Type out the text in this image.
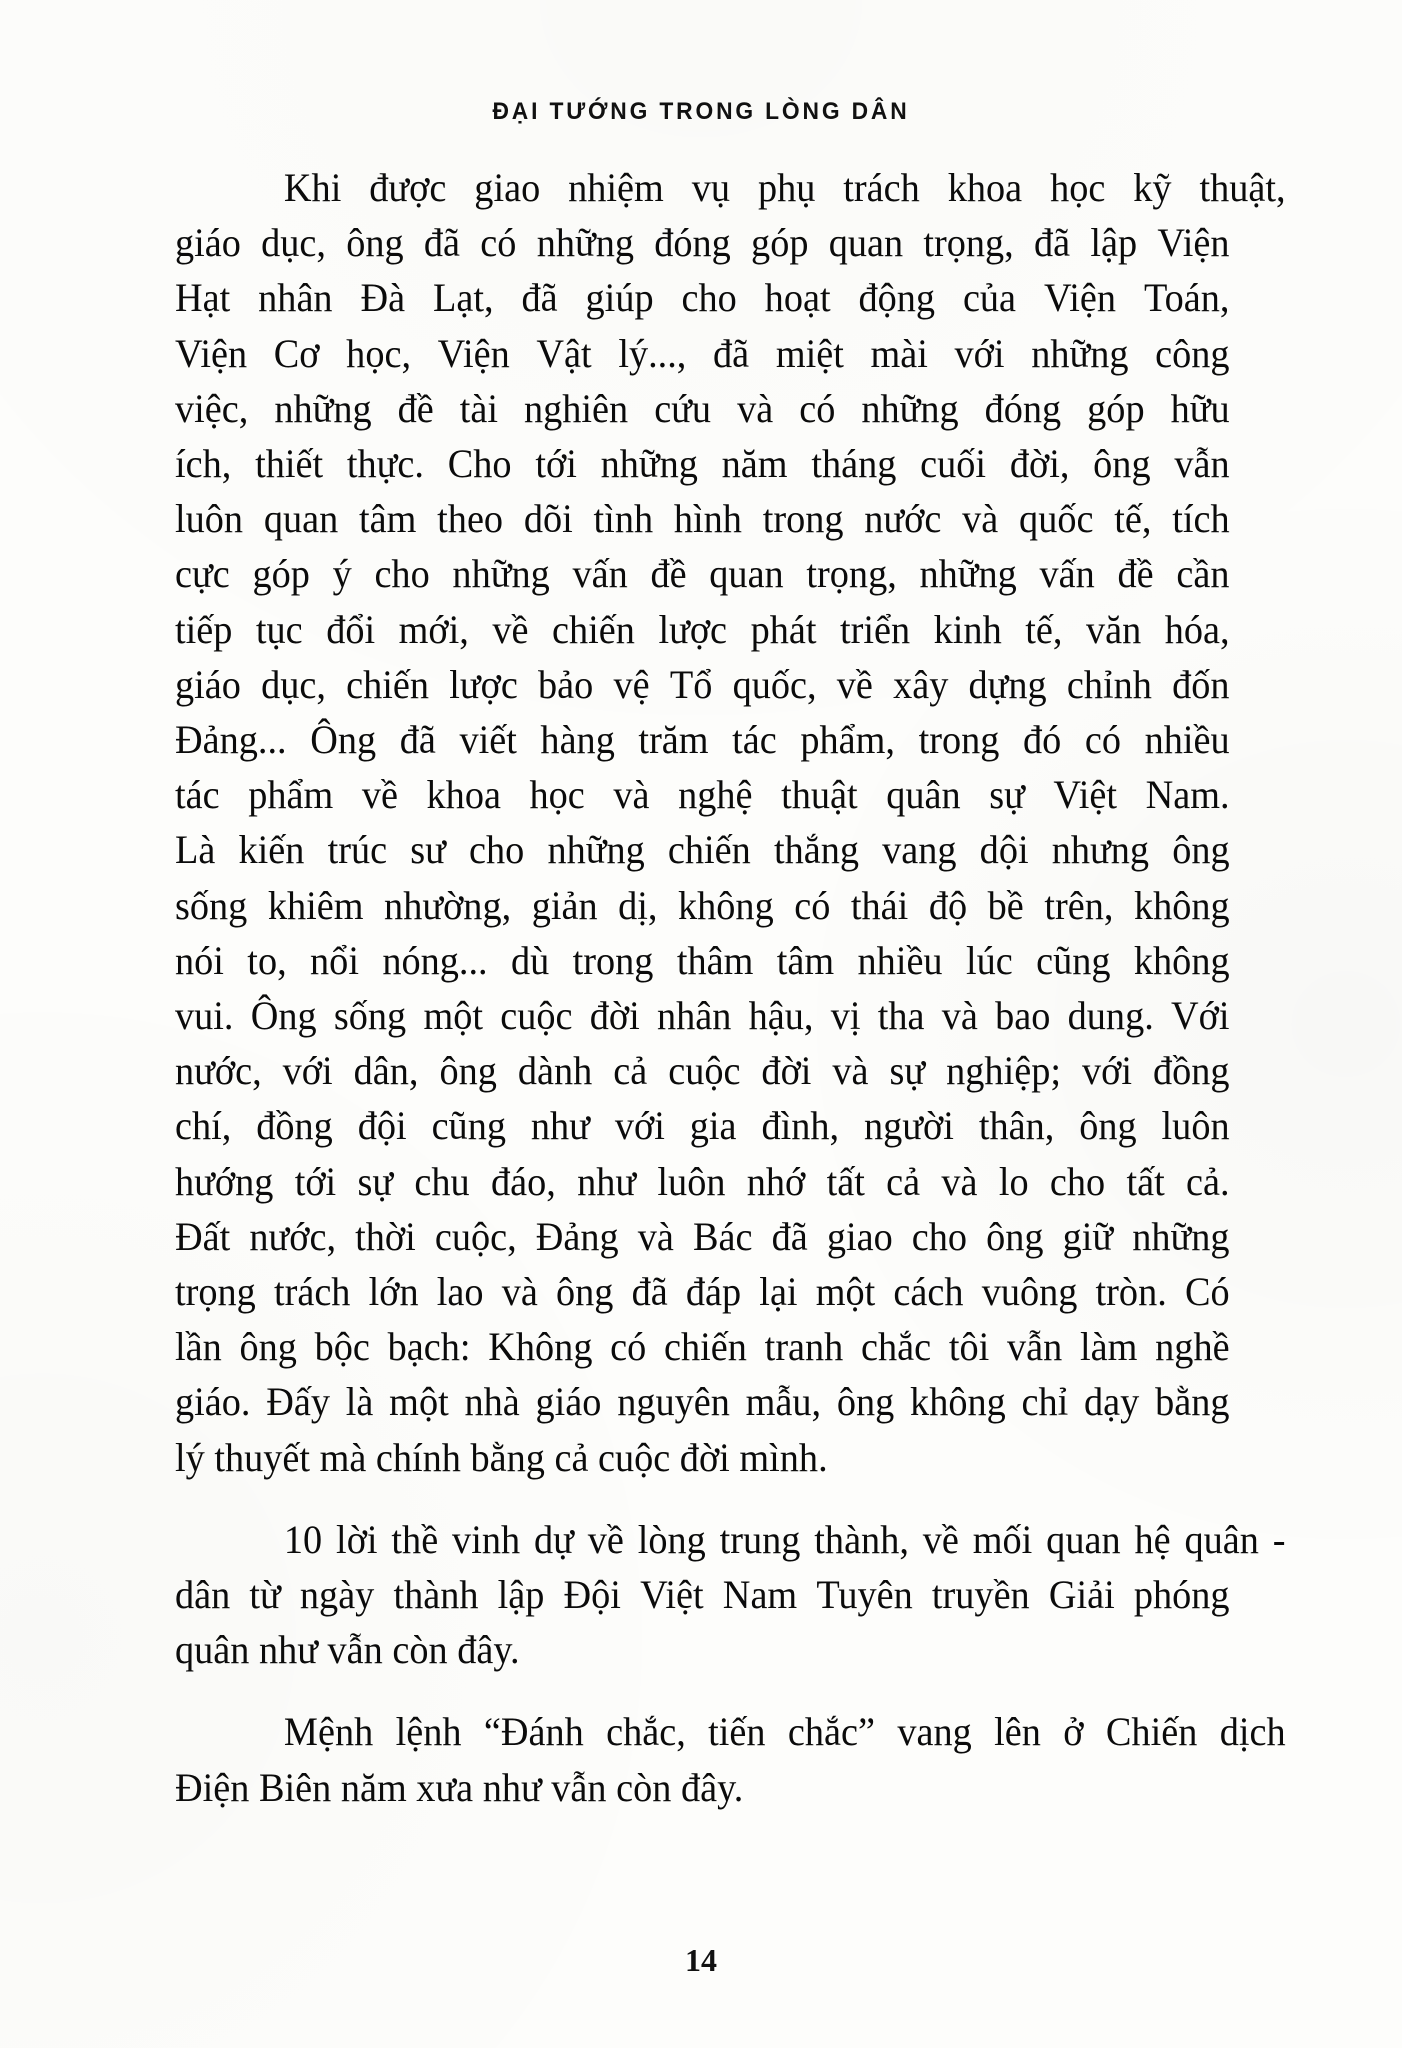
ĐẠI TƯỚNG TRONG LÒNG DÂN

Khi được giao nhiệm vụ phụ trách khoa học kỹ thuật,
giáo dục, ông đã có những đóng góp quan trọng, đã lập Viện
Hạt nhân Đà Lạt, đã giúp cho hoạt động của Viện Toán,
Viện Cơ học, Viện Vật lý..., đã miệt mài với những công
việc, những đề tài nghiên cứu và có những đóng góp hữu
ích, thiết thực. Cho tới những năm tháng cuối đời, ông vẫn
luôn quan tâm theo dõi tình hình trong nước và quốc tế, tích
cực góp ý cho những vấn đề quan trọng, những vấn đề cần
tiếp tục đổi mới, về chiến lược phát triển kinh tế, văn hóa,
giáo dục, chiến lược bảo vệ Tổ quốc, về xây dựng chỉnh đốn
Đảng... Ông đã viết hàng trăm tác phẩm, trong đó có nhiều
tác phẩm về khoa học và nghệ thuật quân sự Việt Nam.
Là kiến trúc sư cho những chiến thắng vang dội nhưng ông
sống khiêm nhường, giản dị, không có thái độ bề trên, không
nói to, nổi nóng... dù trong thâm tâm nhiều lúc cũng không
vui. Ông sống một cuộc đời nhân hậu, vị tha và bao dung. Với
nước, với dân, ông dành cả cuộc đời và sự nghiệp; với đồng
chí, đồng đội cũng như với gia đình, người thân, ông luôn
hướng tới sự chu đáo, như luôn nhớ tất cả và lo cho tất cả.
Đất nước, thời cuộc, Đảng và Bác đã giao cho ông giữ những
trọng trách lớn lao và ông đã đáp lại một cách vuông tròn. Có
lần ông bộc bạch: Không có chiến tranh chắc tôi vẫn làm nghề
giáo. Đấy là một nhà giáo nguyên mẫu, ông không chỉ dạy bằng
lý thuyết mà chính bằng cả cuộc đời mình.

10 lời thề vinh dự về lòng trung thành, về mối quan hệ quân -
dân từ ngày thành lập Đội Việt Nam Tuyên truyền Giải phóng
quân như vẫn còn đây.

Mệnh lệnh “Đánh chắc, tiến chắc” vang lên ở Chiến dịch
Điện Biên năm xưa như vẫn còn đây.

14
